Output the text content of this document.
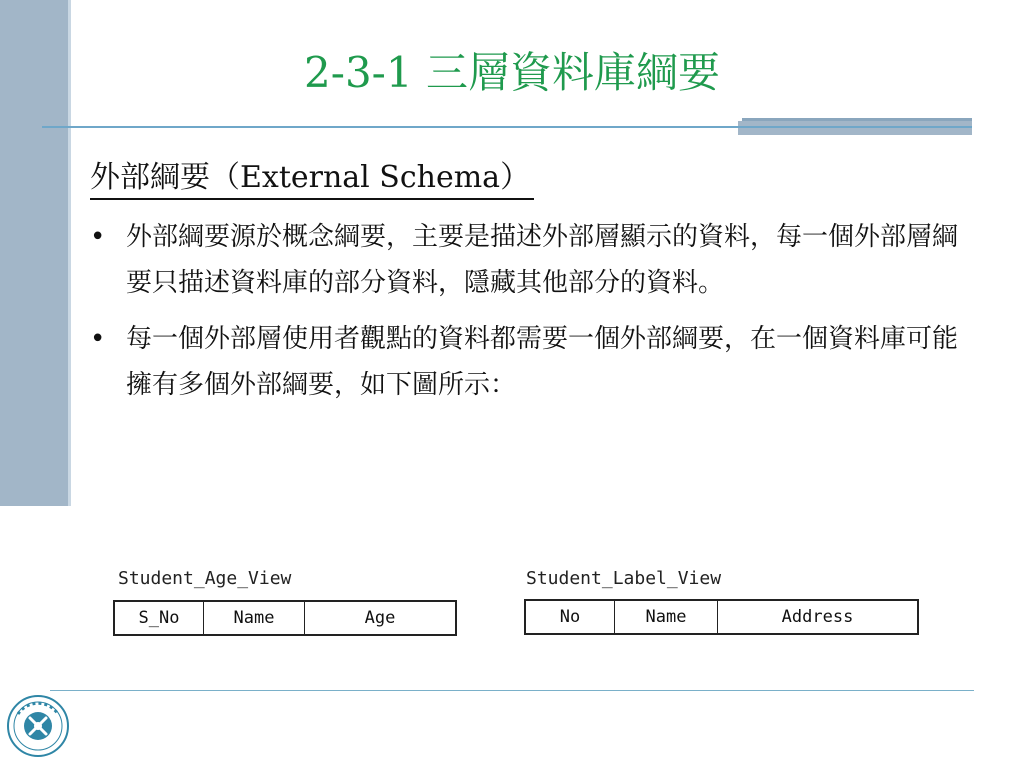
2-3-1 三層資料庫綱要
外部綱要（External Schema）
• 外部綱要源於概念綱要，主要是描述外部層顯示的資料，每一個外部層綱要只描述資料庫的部分資料，隱藏其他部分的資料。
• 每一個外部層使用者觀點的資料都需要一個外部綱要，在一個資料庫可能擁有多個外部綱要，如下圖所示：
Student_Age_View
S_No	Name	Age
Student_Label_View
No	Name	Address
